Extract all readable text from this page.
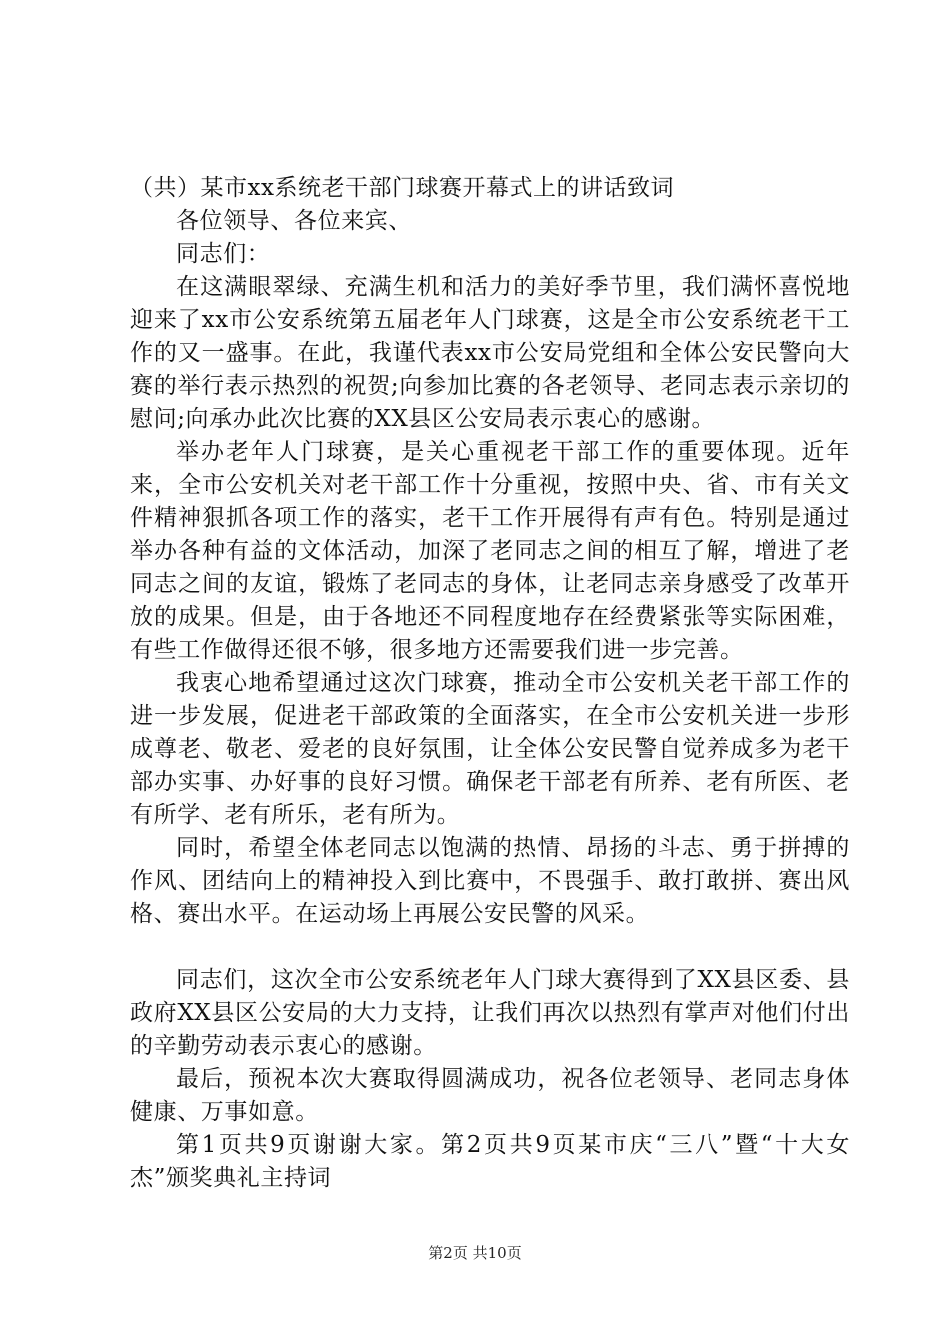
（共）某市xx系统老干部门球赛开幕式上的讲话致词

各位领导、各位来宾、

同志们：

在这满眼翠绿、充满生机和活力的美好季节里，我们满怀喜悦地迎来了xx市公安系统第五届老年人门球赛，这是全市公安系统老干工作的又一盛事。在此，我谨代表xx市公安局党组和全体公安民警向大赛的举行表示热烈的祝贺;向参加比赛的各老领导、老同志表示亲切的慰问;向承办此次比赛的XX县区公安局表示衷心的感谢。

举办老年人门球赛，是关心重视老干部工作的重要体现。近年来，全市公安机关对老干部工作十分重视，按照中央、省、市有关文件精神狠抓各项工作的落实，老干工作开展得有声有色。特别是通过举办各种有益的文体活动，加深了老同志之间的相互了解，增进了老同志之间的友谊，锻炼了老同志的身体，让老同志亲身感受了改革开放的成果。但是，由于各地还不同程度地存在经费紧张等实际困难，有些工作做得还很不够，很多地方还需要我们进一步完善。

我衷心地希望通过这次门球赛，推动全市公安机关老干部工作的进一步发展，促进老干部政策的全面落实，在全市公安机关进一步形成尊老、敬老、爱老的良好氛围，让全体公安民警自觉养成多为老干部办实事、办好事的良好习惯。确保老干部老有所养、老有所医、老有所学、老有所乐，老有所为。

同时，希望全体老同志以饱满的热情、昂扬的斗志、勇于拼搏的作风、团结向上的精神投入到比赛中，不畏强手、敢打敢拼、赛出风格、赛出水平。在运动场上再展公安民警的风采。

同志们，这次全市公安系统老年人门球大赛得到了XX县区委、县政府XX县区公安局的大力支持，让我们再次以热烈有掌声对他们付出的辛勤劳动表示衷心的感谢。

最后，预祝本次大赛取得圆满成功，祝各位老领导、老同志身体健康、万事如意。

第1页共9页谢谢大家。第2页共9页某市庆“三八”暨“十大女杰”颁奖典礼主持词

第2页 共10页
